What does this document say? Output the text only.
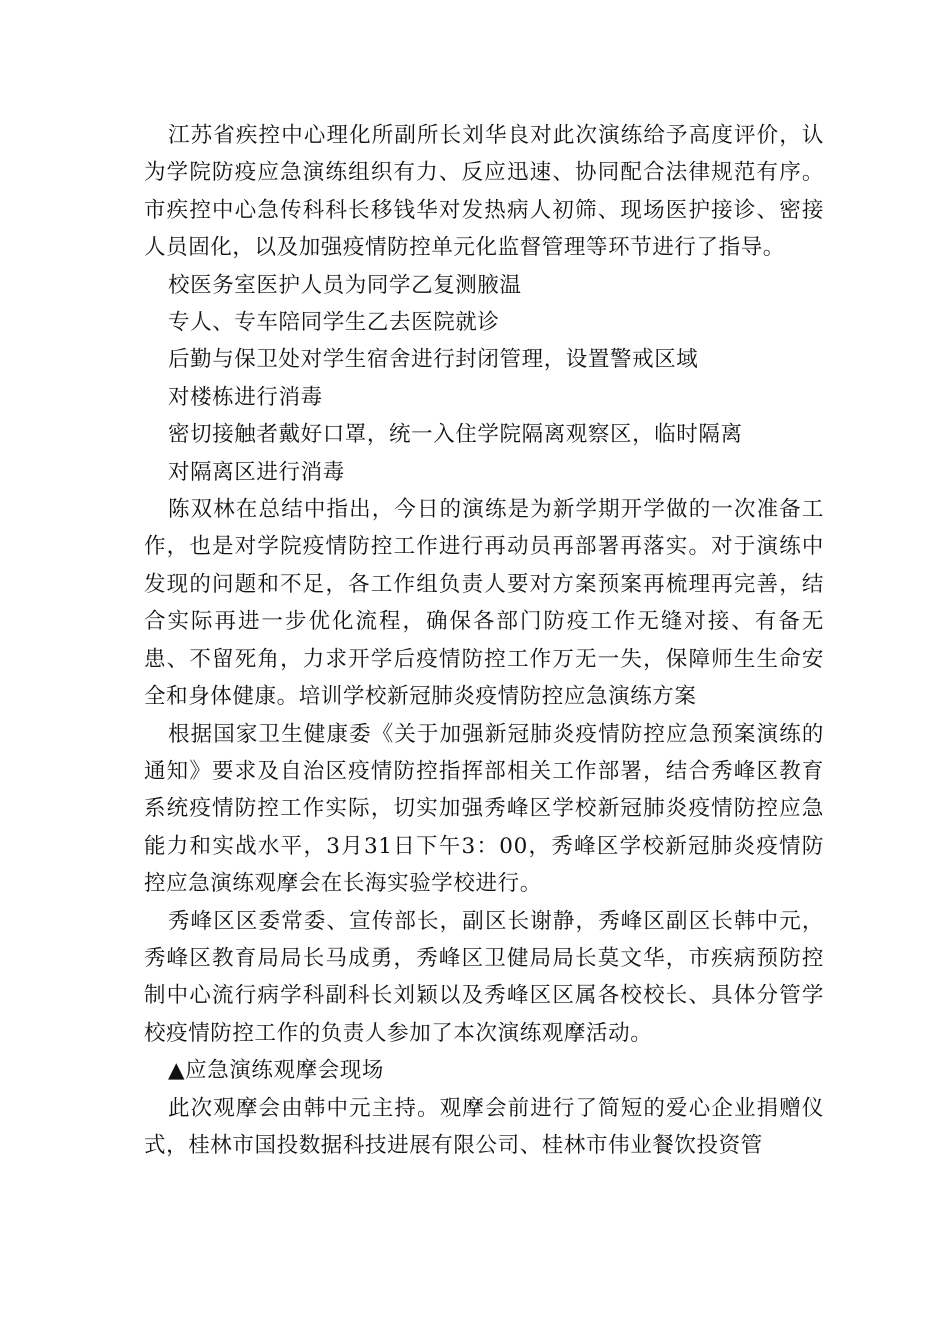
江苏省疾控中心理化所副所长刘华良对此次演练给予高度评价，认为学院防疫应急演练组织有力、反应迅速、协同配合法律规范有序。市疾控中心急传科科长移钱华对发热病人初筛、现场医护接诊、密接人员固化，以及加强疫情防控单元化监督管理等环节进行了指导。

校医务室医护人员为同学乙复测腋温

专人、专车陪同学生乙去医院就诊

后勤与保卫处对学生宿舍进行封闭管理，设置警戒区域

对楼栋进行消毒

密切接触者戴好口罩，统一入住学院隔离观察区，临时隔离

对隔离区进行消毒

陈双林在总结中指出，今日的演练是为新学期开学做的一次准备工作，也是对学院疫情防控工作进行再动员再部署再落实。对于演练中发现的问题和不足，各工作组负责人要对方案预案再梳理再完善，结合实际再进一步优化流程，确保各部门防疫工作无缝对接、有备无患、不留死角，力求开学后疫情防控工作万无一失，保障师生生命安全和身体健康。培训学校新冠肺炎疫情防控应急演练方案

根据国家卫生健康委《关于加强新冠肺炎疫情防控应急预案演练的通知》要求及自治区疫情防控指挥部相关工作部署，结合秀峰区教育系统疫情防控工作实际，切实加强秀峰区学校新冠肺炎疫情防控应急能力和实战水平，3月31日下午3：00，秀峰区学校新冠肺炎疫情防控应急演练观摩会在长海实验学校进行。

秀峰区区委常委、宣传部长，副区长谢静，秀峰区副区长韩中元，秀峰区教育局局长马成勇，秀峰区卫健局局长莫文华，市疾病预防控制中心流行病学科副科长刘颖以及秀峰区区属各校校长、具体分管学校疫情防控工作的负责人参加了本次演练观摩活动。

▲应急演练观摩会现场

此次观摩会由韩中元主持。观摩会前进行了简短的爱心企业捐赠仪式，桂林市国投数据科技进展有限公司、桂林市伟业餐饮投资管
